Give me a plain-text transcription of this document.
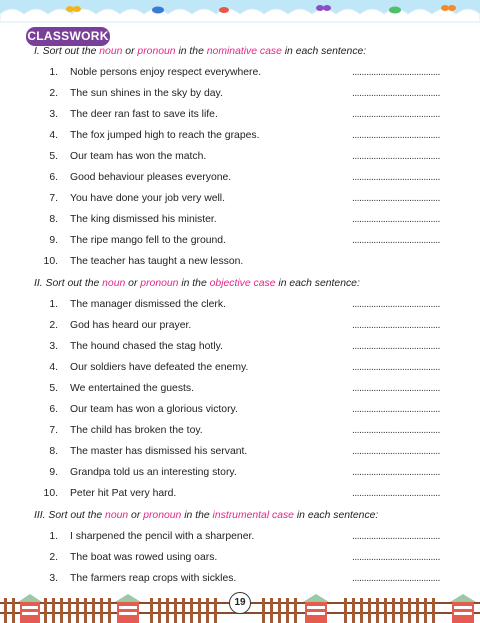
CLASSWORK
I. Sort out the noun or pronoun in the nominative case in each sentence:
1. Noble persons enjoy respect everywhere.	.....................................
2. The sun shines in the sky by day.	.....................................
3. The deer ran fast to save its life.	.....................................
4. The fox jumped high to reach the grapes.	.....................................
5. Our team has won the match.	.....................................
6. Good behaviour pleases everyone.	.....................................
7. You have done your job very well.	.....................................
8. The king dismissed his minister.	.....................................
9. The ripe mango fell to the ground.	.....................................
10. The teacher has taught a new lesson.
II. Sort out the noun or pronoun in the objective case in each sentence:
1. The manager dismissed the clerk.	.....................................
2. God has heard our prayer.	.....................................
3. The hound chased the stag hotly.	.....................................
4. Our soldiers have defeated the enemy.	.....................................
5. We entertained the guests.	.....................................
6. Our team has won a glorious victory.	.....................................
7. The child has broken the toy.	.....................................
8. The master has dismissed his servant.	.....................................
9. Grandpa told us an interesting story.	.....................................
10. Peter hit Pat very hard.	.....................................
III. Sort out the noun or pronoun in the instrumental case in each sentence:
1. I sharpened the pencil with a sharpener.	.....................................
2. The boat was rowed using oars.	.....................................
3. The farmers reap crops with sickles.	.....................................
19
